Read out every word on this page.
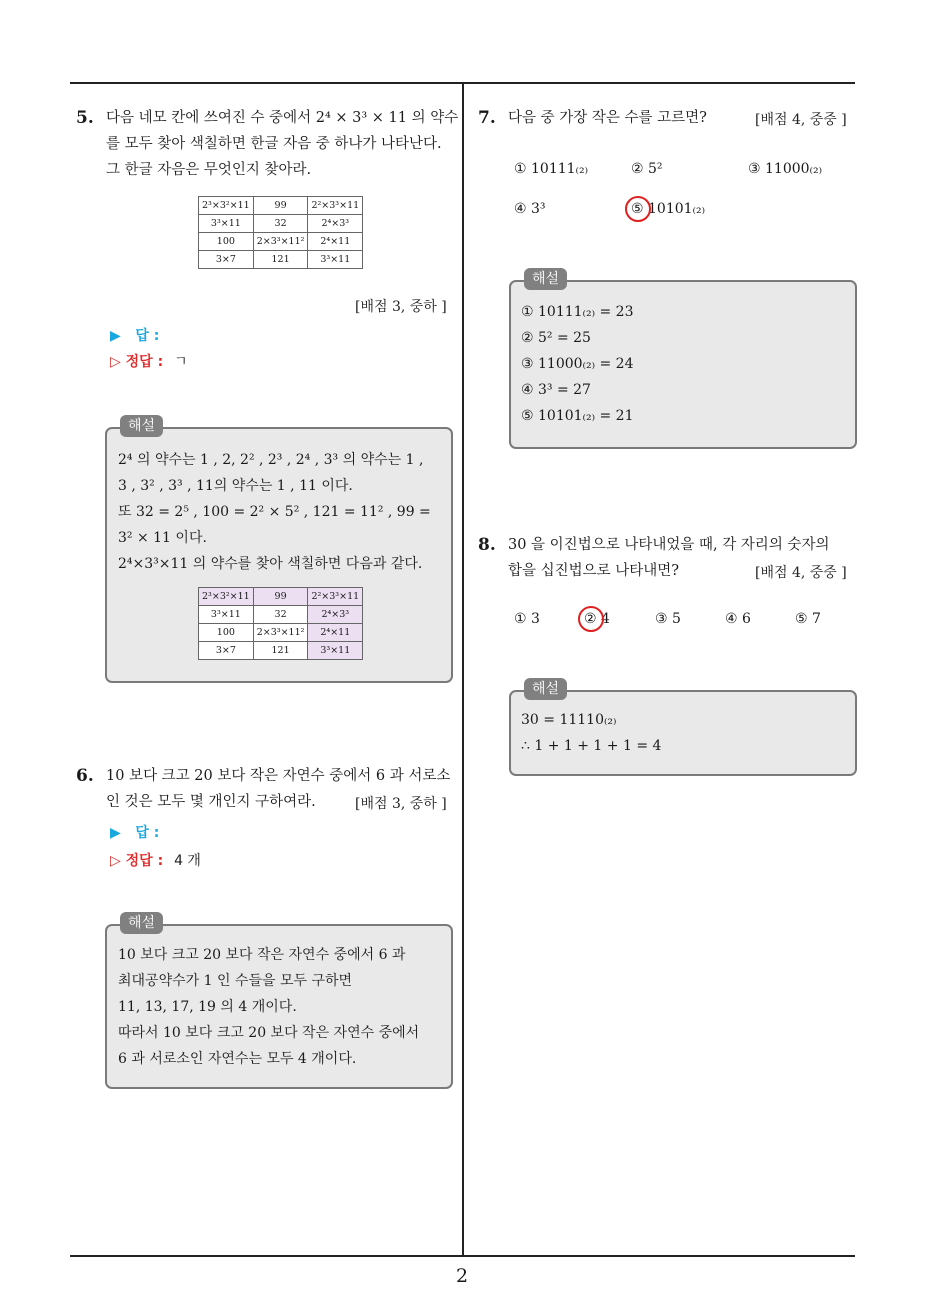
2
5. 다음 네모 칸에 쓰여진 수 중에서 2⁴ × 3³ × 11 의 약수
를 모두 찾아 색칠하면 한글 자음 중 하나가 나타난다.
그 한글 자음은 무엇인지 찾아라.
2³×3²×11	99	2²×3³×11
3³×11	32	2⁴×3³
100	2×3³×11²	2⁴×11
3×7	121	3³×11
[배점 3, 중하 ]
▶ 답 :
▷ 정답 : ㄱ
해설
2⁴ 의 약수는 1 , 2, 2² , 2³ , 2⁴ , 3³ 의 약수는 1 ,
3 , 3² , 3³ , 11의 약수는 1 , 11 이다.
또 32 = 2⁵ , 100 = 2² × 5² , 121 = 11² , 99 =
3² × 11 이다.
2⁴×3³×11 의 약수를 찾아 색칠하면 다음과 같다.
2³×3²×11	99	2²×3³×11
3³×11	32	2⁴×3³
100	2×3³×11²	2⁴×11
3×7	121	3³×11
6. 10 보다 크고 20 보다 작은 자연수 중에서 6 과 서로소
인 것은 모두 몇 개인지 구하여라.	[배점 3, 중하 ]
▶ 답 :
▷ 정답 : 4 개
해설
10 보다 크고 20 보다 작은 자연수 중에서 6 과
최대공약수가 1 인 수들을 모두 구하면
11, 13, 17, 19 의 4 개이다.
따라서 10 보다 크고 20 보다 작은 자연수 중에서
6 과 서로소인 자연수는 모두 4 개이다.
7. 다음 중 가장 작은 수를 고르면?	[배점 4, 중중 ]
① 10111₍₂₎	② 5²	③ 11000₍₂₎
④ 3³	⑤ 10101₍₂₎
해설
① 10111₍₂₎ = 23
② 5² = 25
③ 11000₍₂₎ = 24
④ 3³ = 27
⑤ 10101₍₂₎ = 21
8. 30 을 이진법으로 나타내었을 때, 각 자리의 숫자의
합을 십진법으로 나타내면?	[배점 4, 중중 ]
① 3	② 4	③ 5	④ 6	⑤ 7
해설
30 = 11110₍₂₎
∴ 1 + 1 + 1 + 1 = 4
